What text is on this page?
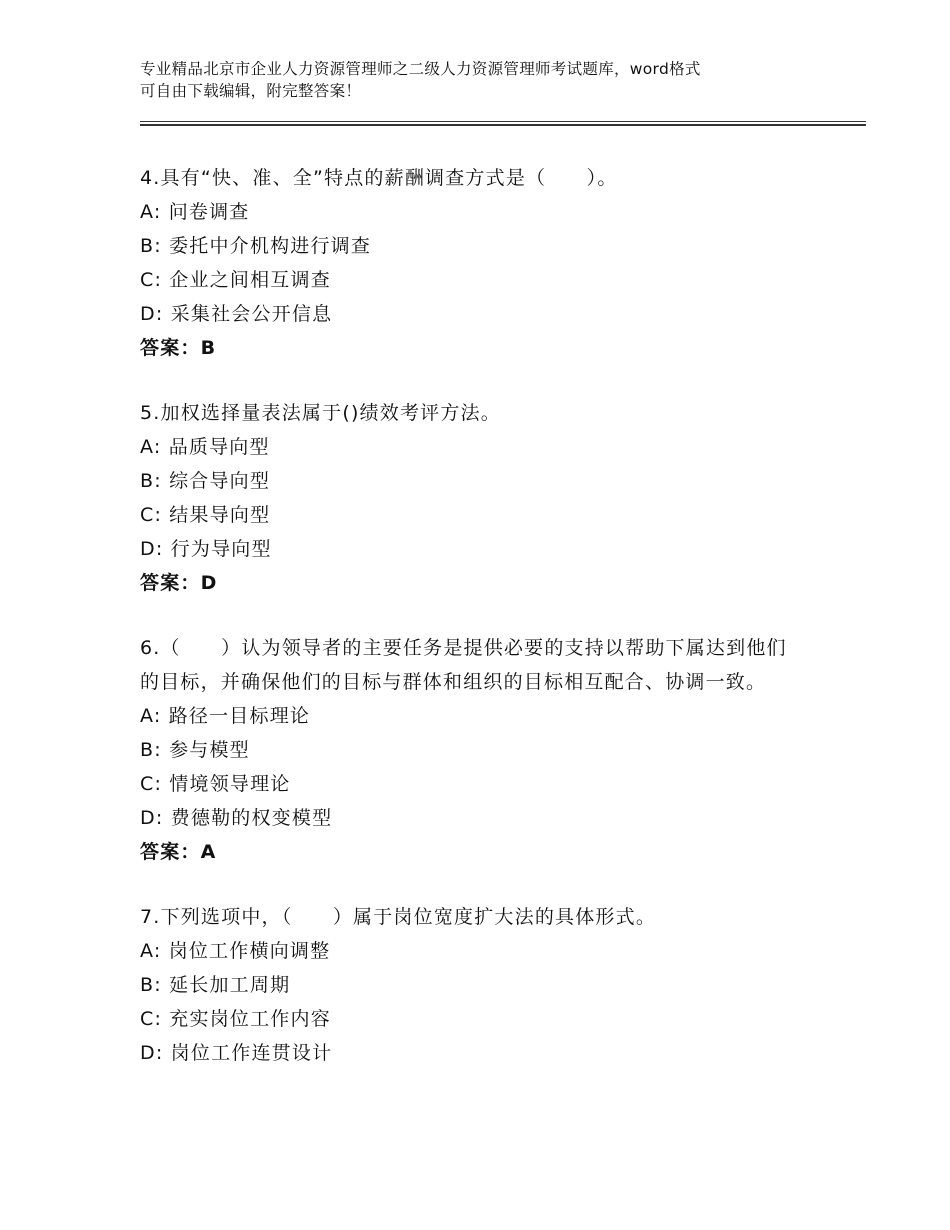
专业精品北京市企业人力资源管理师之二级人力资源管理师考试题库，word格式
可自由下载编辑，附完整答案！
4.具有“快、准、全”特点的薪酬调查方式是（　　）。
A: 问卷调查
B: 委托中介机构进行调查
C: 企业之间相互调查
D: 采集社会公开信息
答案：B
5.加权选择量表法属于()绩效考评方法。
A: 品质导向型
B: 综合导向型
C: 结果导向型
D: 行为导向型
答案：D
6.（　　）认为领导者的主要任务是提供必要的支持以帮助下属达到他们的目标，并确保他们的目标与群体和组织的目标相互配合、协调一致。
A: 路径一目标理论
B: 参与模型
C: 情境领导理论
D: 费德勒的权变模型
答案：A
7.下列选项中，（　　）属于岗位宽度扩大法的具体形式。
A: 岗位工作横向调整
B: 延长加工周期
C: 充实岗位工作内容
D: 岗位工作连贯设计
